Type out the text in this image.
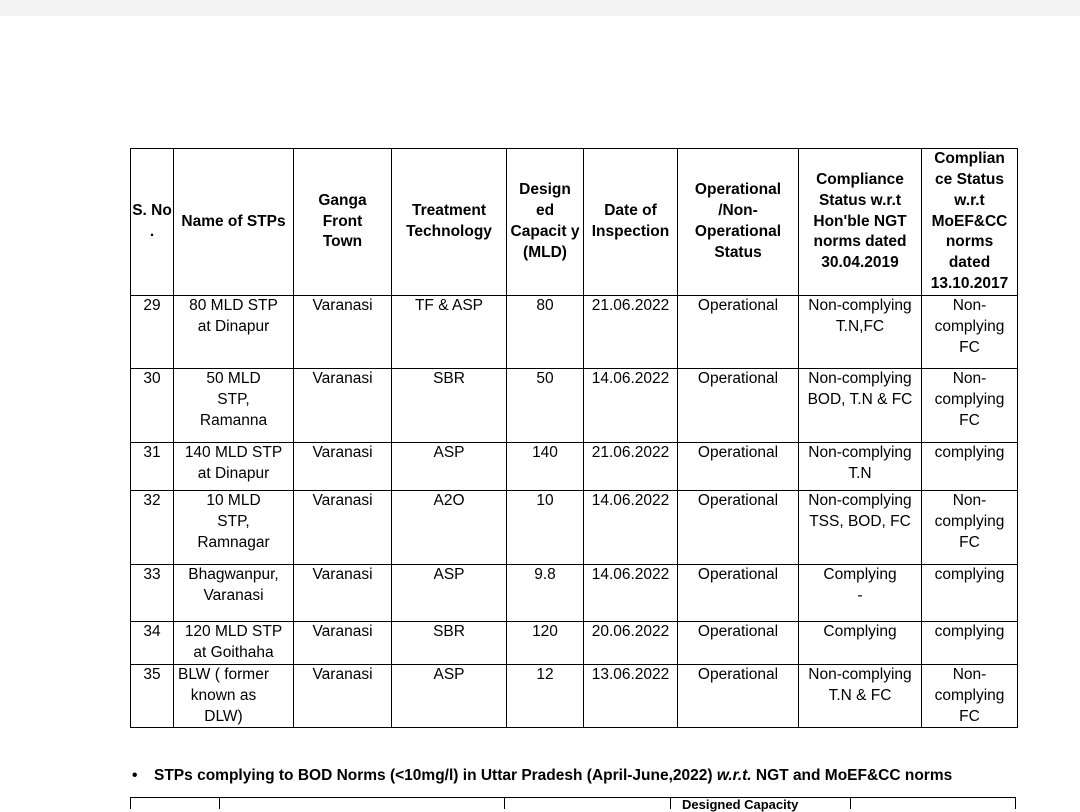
S. No .	Name of STPs	Ganga Front Town	Treatment Technology	Design ed Capacit y (MLD)	Date of Inspection	Operational /Non-Operational Status	Compliance Status w.r.t Hon'ble NGT norms dated 30.04.2019	Complian ce Status w.r.t MoEF&CC norms dated 13.10.2017
29	80 MLD STP at Dinapur	Varanasi	TF & ASP	80	21.06.2022	Operational	Non-complying T.N,FC	Non-complying FC
30	50 MLD STP, Ramanna	Varanasi	SBR	50	14.06.2022	Operational	Non-complying BOD, T.N & FC	Non-complying FC
31	140 MLD STP at Dinapur	Varanasi	ASP	140	21.06.2022	Operational	Non-complying T.N	complying
32	10 MLD STP, Ramnagar	Varanasi	A2O	10	14.06.2022	Operational	Non-complying TSS, BOD, FC	Non-complying FC
33	Bhagwanpur, Varanasi	Varanasi	ASP	9.8	14.06.2022	Operational	Complying -	complying
34	120 MLD STP at Goithaha	Varanasi	SBR	120	20.06.2022	Operational	Complying	complying
35	BLW ( former known as DLW)	Varanasi	ASP	12	13.06.2022	Operational	Non-complying T.N & FC	Non-complying FC
• STPs complying to BOD Norms (<10mg/l) in Uttar Pradesh (April-June,2022) w.r.t. NGT and MoEF&CC norms
Designed Capacity
